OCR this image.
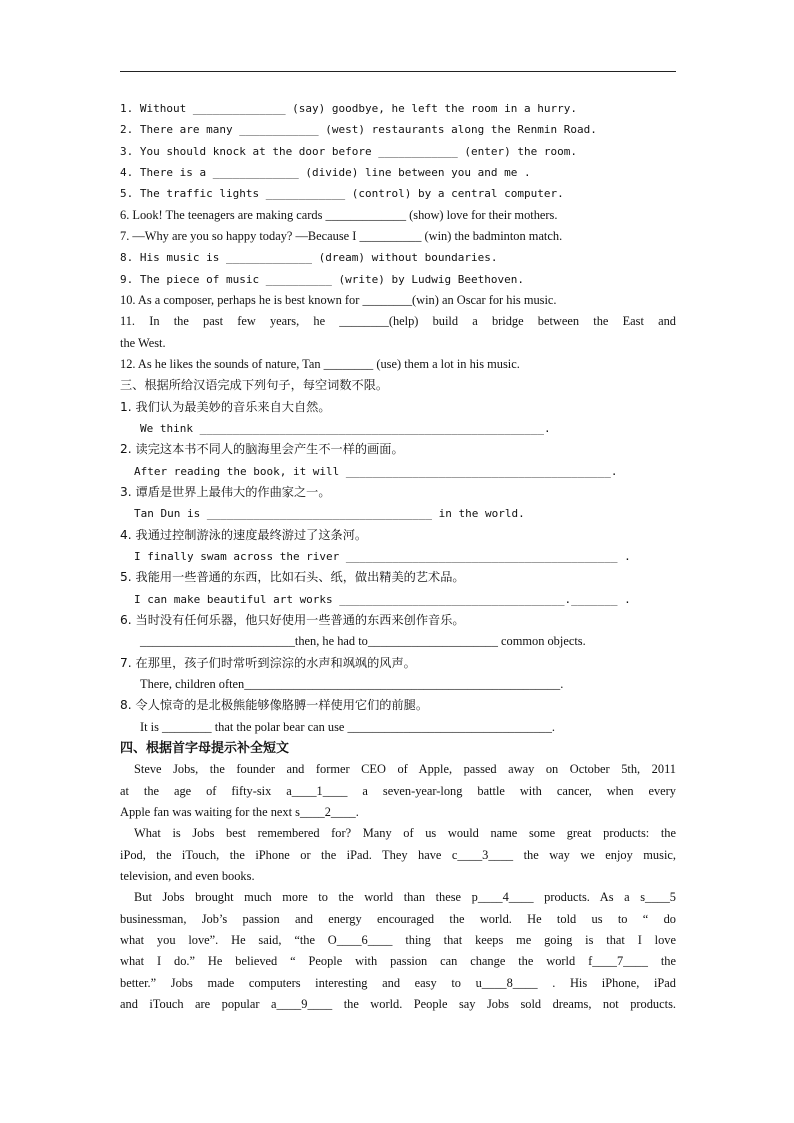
1. Without ______________ (say) goodbye, he left the room in a hurry.
2. There are many ____________ (west) restaurants along the Renmin Road.
3. You should knock at the door before ____________ (enter) the room.
4. There is a _____________ (divide) line between you and me .
5. The traffic lights ____________ (control) by a central computer.
6. Look! The teenagers are making cards _____________ (show) love for their mothers.
7. —Why are you so happy today? —Because I __________ (win) the badminton match.
8. His music is _____________ (dream) without boundaries.
9. The piece of music __________ (write) by Ludwig Beethoven.
10. As a composer, perhaps he is best known for ________(win) an Oscar for his music.
11. In the past few years, he ________(help) build a bridge between the East and
the West.
12. As he likes the sounds of nature, Tan ________ (use) them a lot in his music.
三、根据所给汉语完成下列句子，每空词数不限。
1. 我们认为最美妙的音乐来自大自然。
We think ____________________________________________________.
2. 读完这本书不同人的脑海里会产生不一样的画面。
After reading the book, it will ________________________________________.
3. 谭盾是世界上最伟大的作曲家之一。
Tan Dun is __________________________________ in the world.
4. 我通过控制游泳的速度最终游过了这条河。
I finally swam across the river _________________________________________ .
5. 我能用一些普通的东西，比如石头、纸，做出精美的艺术品。
I can make beautiful art works __________________________________._______ .
6. 当时没有任何乐器，他只好使用一些普通的东西来创作音乐。
_________________________then, he had to_____________________ common objects.
7. 在那里，孩子们时常听到淙淙的水声和飒飒的风声。
There, children often___________________________________________________.
8. 令人惊奇的是北极熊能够像胳膊一样使用它们的前腿。
It is ________ that the polar bear can use _________________________________.
四、根据首字母提示补全短文
Steve Jobs, the founder and former CEO of Apple, passed away on October 5th, 2011
at the age of fifty-six a____1____ a seven-year-long battle with cancer, when every
Apple fan was waiting for the next s____2____.
What is Jobs best remembered for? Many of us would name some great products: the
iPod, the iTouch, the iPhone or the iPad. They have c____3____ the way we enjoy music,
television, and even books.
But Jobs brought much more to the world than these p____4____ products. As a s____5
businessman, Job’s passion and energy encouraged the world. He told us to “ do
what you love”. He said, “the O____6____ thing that keeps me going is that I love
what I do.” He believed “ People with passion can change the world f____7____ the
better.” Jobs made computers interesting and easy to u____8____ . His iPhone, iPad
and iTouch are popular a____9____ the world. People say Jobs sold dreams, not products.
